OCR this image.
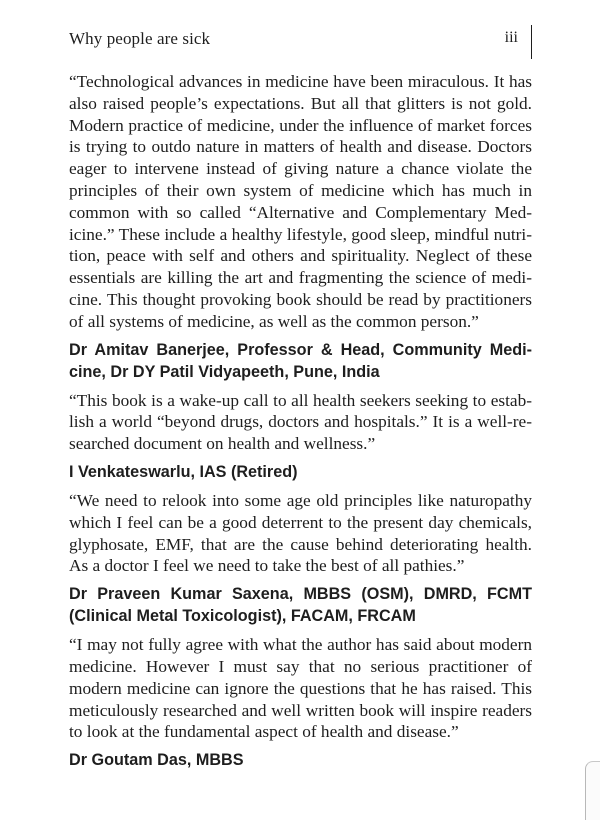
Why people are sick	iii

“Technological advances in medicine have been miraculous. It has also raised people’s expectations. But all that glitters is not gold. Modern practice of medicine, under the influence of market forces is trying to outdo nature in matters of health and disease. Doctors eager to intervene instead of giving nature a chance violate the principles of their own system of medicine which has much in common with so called “Alternative and Complementary Medicine.” These include a healthy lifestyle, good sleep, mindful nutrition, peace with self and others and spirituality. Neglect of these essentials are killing the art and fragmenting the science of medicine. This thought provoking book should be read by practitioners of all systems of medicine, as well as the common person.”

Dr Amitav Banerjee, Professor & Head, Community Medicine, Dr DY Patil Vidyapeeth, Pune, India

“This book is a wake-up call to all health seekers seeking to establish a world “beyond drugs, doctors and hospitals.” It is a well-researched document on health and wellness.”

I Venkateswarlu, IAS (Retired)

“We need to relook into some age old principles like naturopathy which I feel can be a good deterrent to the present day chemicals, glyphosate, EMF, that are the cause behind deteriorating health. As a doctor I feel we need to take the best of all pathies.”

Dr Praveen Kumar Saxena, MBBS (OSM), DMRD, FCMT (Clinical Metal Toxicologist), FACAM, FRCAM

“I may not fully agree with what the author has said about modern medicine. However I must say that no serious practitioner of modern medicine can ignore the questions that he has raised. This meticulously researched and well written book will inspire readers to look at the fundamental aspect of health and disease.”

Dr Goutam Das, MBBS
